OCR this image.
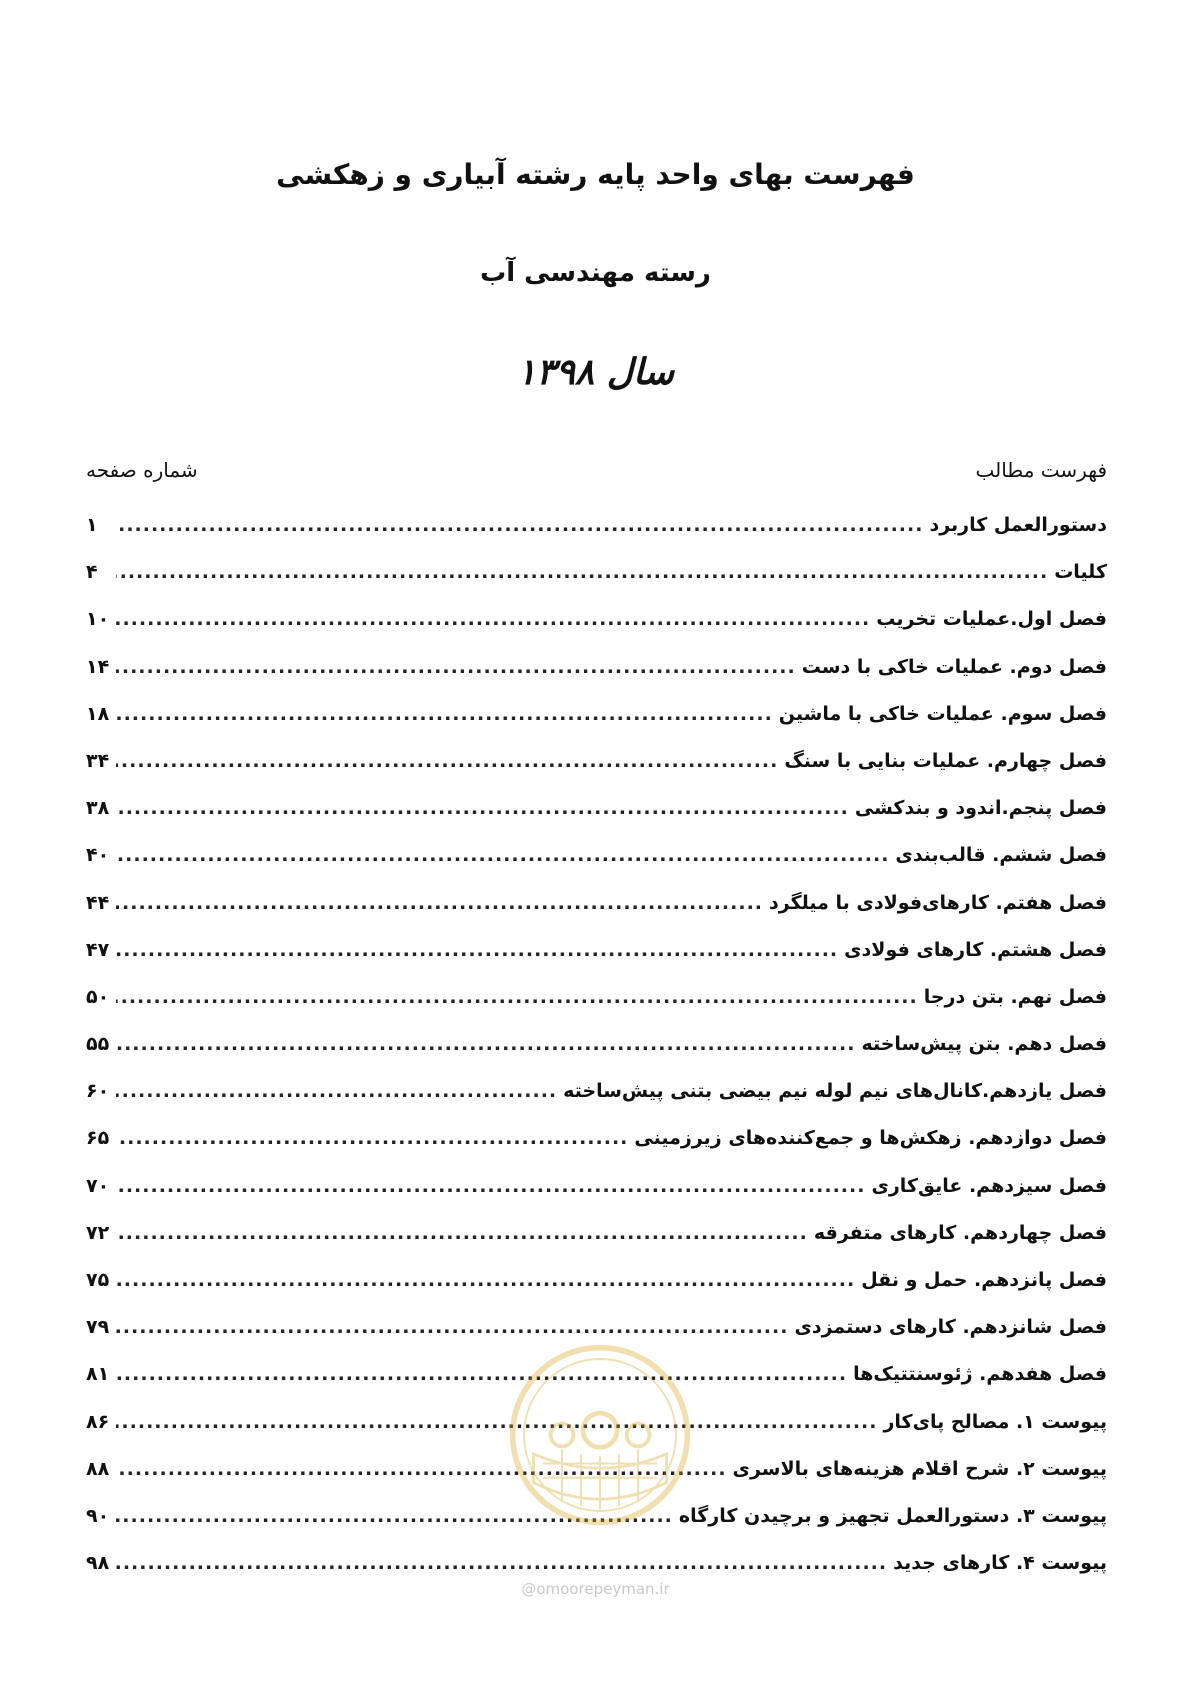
فهرست بهای واحد پایه رشته آبیاری و زهکشی
رسته مهندسی آب
سال ۱۳۹۸
فهرست مطالب
شماره صفحه
دستورالعمل کاربرد
.....
۱
کلیات
.....
۴
فصل اول.عملیات تخریب
.....
۱۰
فصل دوم. عملیات خاکی با دست
.....
۱۴
فصل سوم. عملیات خاکی با ماشین
.....
۱۸
فصل چهارم. عملیات بنایی با سنگ
.....
۳۴
فصل پنجم.اندود و بندکشی
.....
۳۸
فصل ششم. قالب‌بندی
.....
۴۰
فصل هفتم. کارهای‌فولادی با میلگرد
.....
۴۴
فصل هشتم. کارهای فولادی
.....
۴۷
فصل نهم. بتن درجا
.....
۵۰
فصل دهم. بتن پیش‌ساخته
.....
۵۵
فصل یازدهم.کانال‌های نیم لوله نیم بیضی بتنی پیش‌ساخته
.....
۶۰
فصل دوازدهم. زهکش‌ها و جمع‌کننده‌های زیرزمینی
.....
۶۵
فصل سیزدهم. عایق‌کاری
.....
۷۰
فصل چهاردهم. کارهای متفرقه
.....
۷۲
فصل پانزدهم. حمل و نقل
.....
۷۵
فصل شانزدهم. کارهای دستمزدی
.....
۷۹
فصل هفدهم. ژئوسنتتیک‌ها
.....
۸۱
پیوست ۱. مصالح پای‌کار
.....
۸۶
پیوست ۲. شرح اقلام هزینه‌های بالاسری
.....
۸۸
پیوست ۳. دستورالعمل تجهیز و برچیدن کارگاه
.....
۹۰
پیوست ۴. کارهای جدید
.....
۹۸
@omoorepeyman.ir
